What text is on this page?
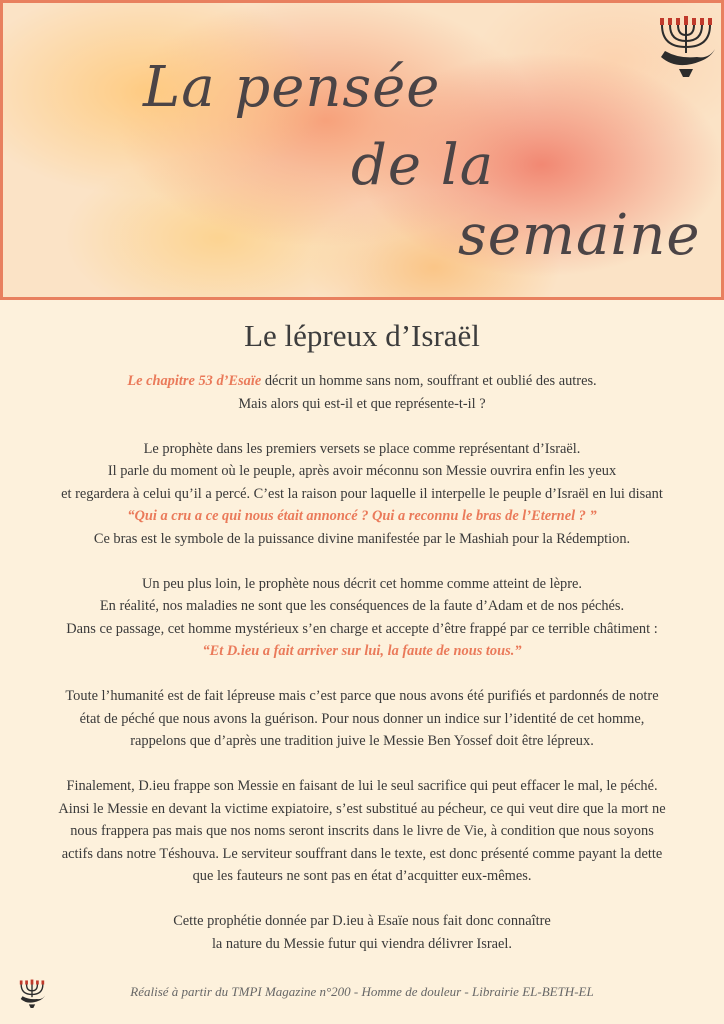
La pensée
de la
semaine
Le lépreux d’Israël

Le chapitre 53 d’Esaïe décrit un homme sans nom, souffrant et oublié des autres.
Mais alors qui est-il et que représente-t-il ?

Le prophète dans les premiers versets se place comme représentant d’Israël.
Il parle du moment où le peuple, après avoir méconnu son Messie ouvrira enfin les yeux
et regardera à celui qu’il a percé. C’est la raison pour laquelle il interpelle le peuple d’Israël en lui disant
“Qui a cru a ce qui nous était annoncé ? Qui a reconnu le bras de l’Eternel ? ”
Ce bras est le symbole de la puissance divine manifestée par le Mashiah pour la Rédemption.

Un peu plus loin, le prophète nous décrit cet homme comme atteint de lèpre.
En réalité, nos maladies ne sont que les conséquences de la faute d’Adam et de nos péchés.
Dans ce passage, cet homme mystérieux s’en charge et accepte d’être frappé par ce terrible châtiment :
“Et D.ieu a fait arriver sur lui, la faute de nous tous.”

Toute l’humanité est de fait lépreuse mais c’est parce que nous avons été purifiés et pardonnés de notre
état de péché que nous avons la guérison. Pour nous donner un indice sur l’identité de cet homme,
rappelons que d’après une tradition juive le Messie Ben Yossef doit être lépreux.

Finalement, D.ieu frappe son Messie en faisant de lui le seul sacrifice qui peut effacer le mal, le péché.
Ainsi le Messie en devant la victime expiatoire, s’est substitué au pécheur, ce qui veut dire que la mort ne
nous frappera pas mais que nos noms seront inscrits dans le livre de Vie, à condition que nous soyons
actifs dans notre Téshouva. Le serviteur souffrant dans le texte, est donc présenté comme payant la dette
que les fauteurs ne sont pas en état d’acquitter eux-mêmes.

Cette prophétie donnée par D.ieu à Esaïe nous fait donc connaître
la nature du Messie futur qui viendra délivrer Israel.

Réalisé à partir du TMPI Magazine n°200 - Homme de douleur - Librairie EL-BETH-EL
